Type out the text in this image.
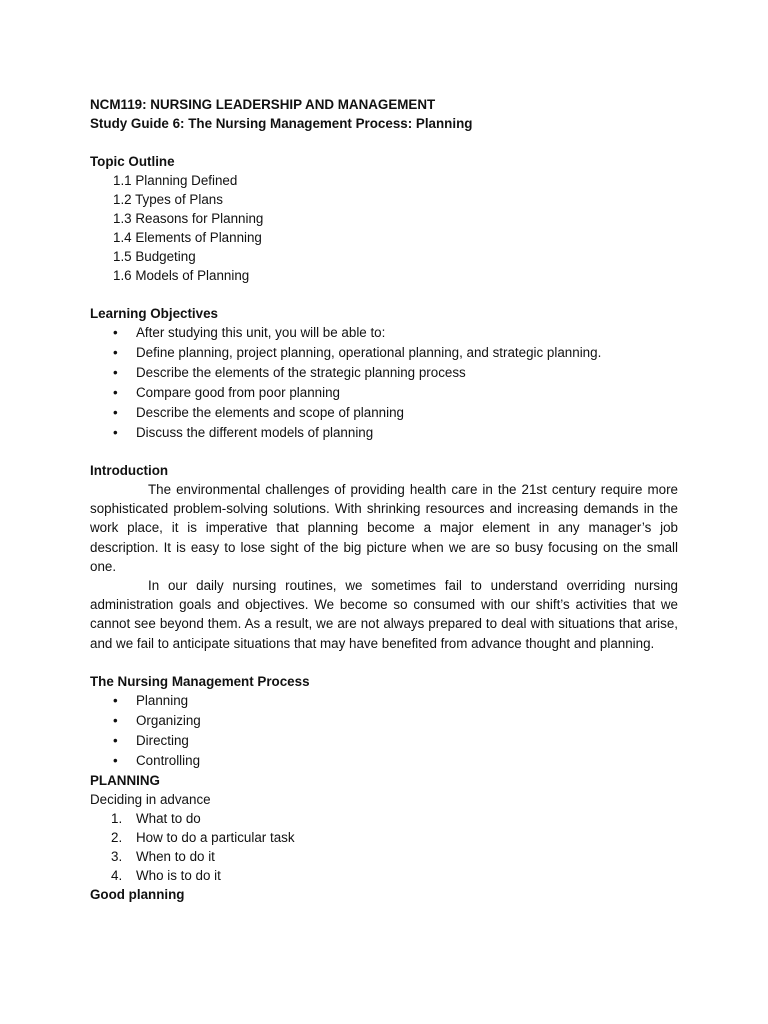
NCM119: NURSING LEADERSHIP AND MANAGEMENT
Study Guide 6: The Nursing Management Process: Planning
Topic Outline
1.1 Planning Defined
1.2 Types of Plans
1.3 Reasons for Planning
1.4 Elements of Planning
1.5 Budgeting
1.6 Models of Planning
Learning Objectives
•	After studying this unit, you will be able to:
•	Define planning, project planning, operational planning, and strategic planning.
•	Describe the elements of the strategic planning process
•	Compare good from poor planning
•	Describe the elements and scope of planning
•	Discuss the different models of planning
Introduction

The environmental challenges of providing health care in the 21st century require more sophisticated problem-solving solutions. With shrinking resources and increasing demands in the work place, it is imperative that planning become a major element in any manager’s job description. It is easy to lose sight of the big picture when we are so busy focusing on the small one.

In our daily nursing routines, we sometimes fail to understand overriding nursing administration goals and objectives. We become so consumed with our shift’s activities that we cannot see beyond them. As a result, we are not always prepared to deal with situations that arise, and we fail to anticipate situations that may have benefited from advance thought and planning.

The Nursing Management Process
•	Planning
•	Organizing
•	Directing
•	Controlling
PLANNING
Deciding in advance
1. What to do
2. How to do a particular task
3. When to do it
4. Who is to do it
Good planning
